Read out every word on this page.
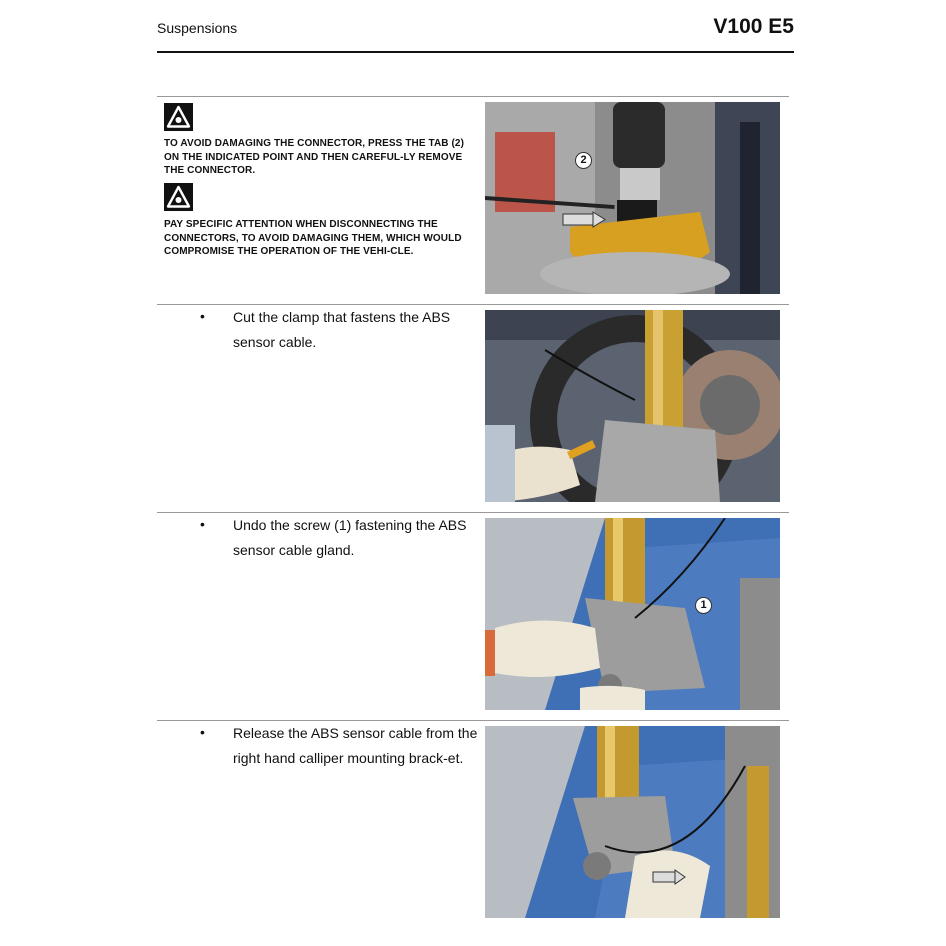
Suspensions	V100 E5
TO AVOID DAMAGING THE CONNECTOR, PRESS THE TAB (2) ON THE INDICATED POINT AND THEN CAREFUL-LY REMOVE THE CONNECTOR.
PAY SPECIFIC ATTENTION WHEN DISCONNECTING THE CONNECTORS, TO AVOID DAMAGING THEM, WHICH WOULD COMPROMISE THE OPERATION OF THE VEHI-CLE.
2
• Cut the clamp that fastens the ABS sensor cable.
• Undo the screw (1) fastening the ABS sensor cable gland.
1
• Release the ABS sensor cable from the right hand calliper mounting brack-et.
